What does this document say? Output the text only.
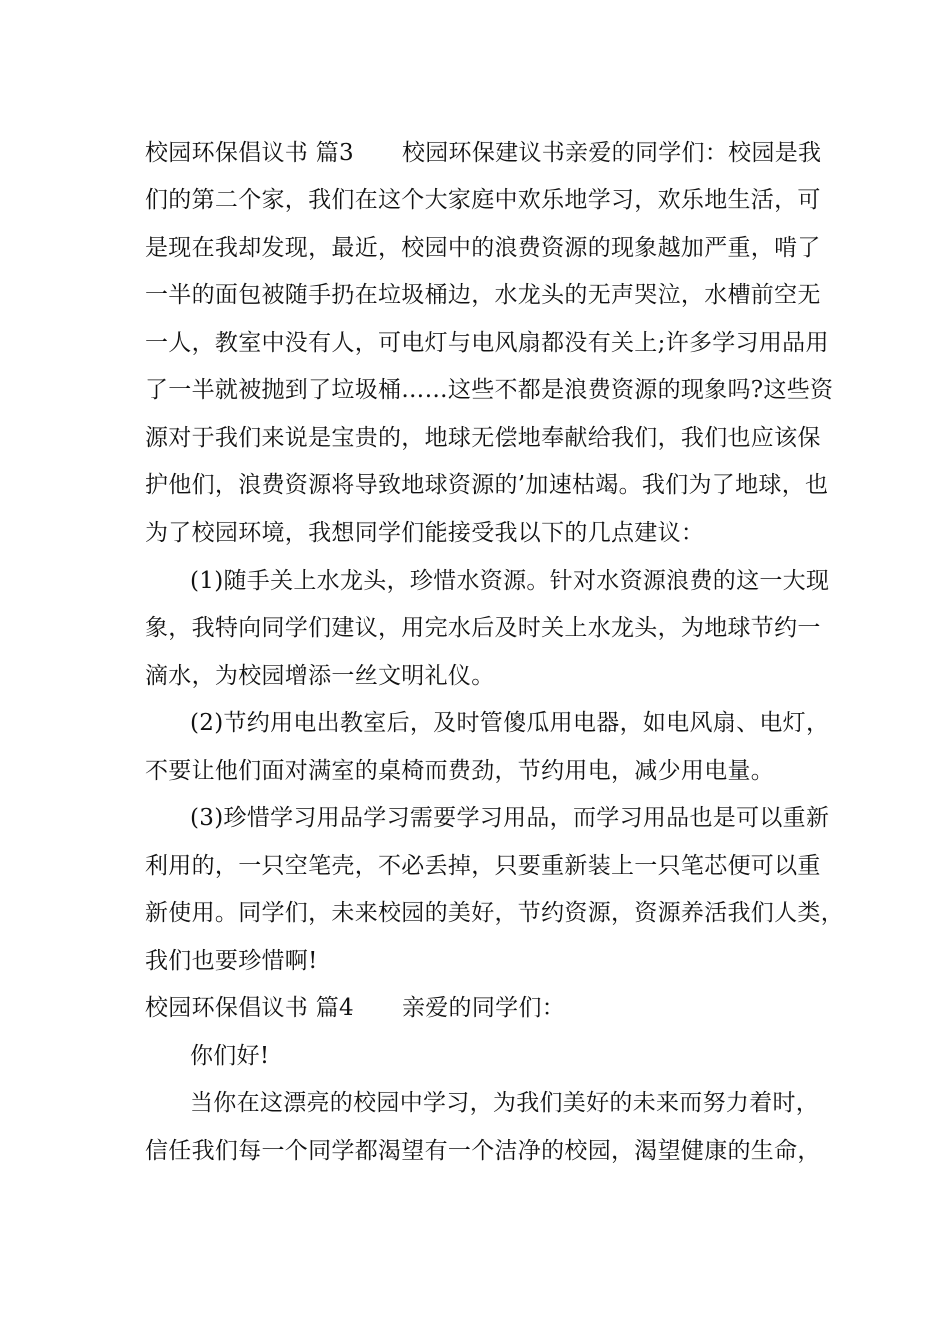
校园环保倡议书 篇3 校园环保建议书亲爱的同学们：校园是我
们的第二个家，我们在这个大家庭中欢乐地学习，欢乐地生活，可
是现在我却发现，最近，校园中的浪费资源的现象越加严重，啃了
一半的面包被随手扔在垃圾桶边，水龙头的无声哭泣，水槽前空无
一人，教室中没有人，可电灯与电风扇都没有关上;许多学习用品用
了一半就被抛到了垃圾桶……这些不都是浪费资源的现象吗?这些资
源对于我们来说是宝贵的，地球无偿地奉献给我们，我们也应该保
护他们，浪费资源将导致地球资源的’加速枯竭。我们为了地球，也
为了校园环境，我想同学们能接受我以下的几点建议：
(1)随手关上水龙头，珍惜水资源。针对水资源浪费的这一大现
象，我特向同学们建议，用完水后及时关上水龙头，为地球节约一
滴水，为校园增添一丝文明礼仪。
(2)节约用电出教室后，及时管傻瓜用电器，如电风扇、电灯，
不要让他们面对满室的桌椅而费劲，节约用电，减少用电量。
(3)珍惜学习用品学习需要学习用品，而学习用品也是可以重新
利用的，一只空笔壳，不必丢掉，只要重新装上一只笔芯便可以重
新使用。同学们，未来校园的美好，节约资源，资源养活我们人类，
我们也要珍惜啊!
校园环保倡议书 篇4 亲爱的同学们：
你们好!
当你在这漂亮的校园中学习，为我们美好的未来而努力着时，
信任我们每一个同学都渴望有一个洁净的校园，渴望健康的生命，
